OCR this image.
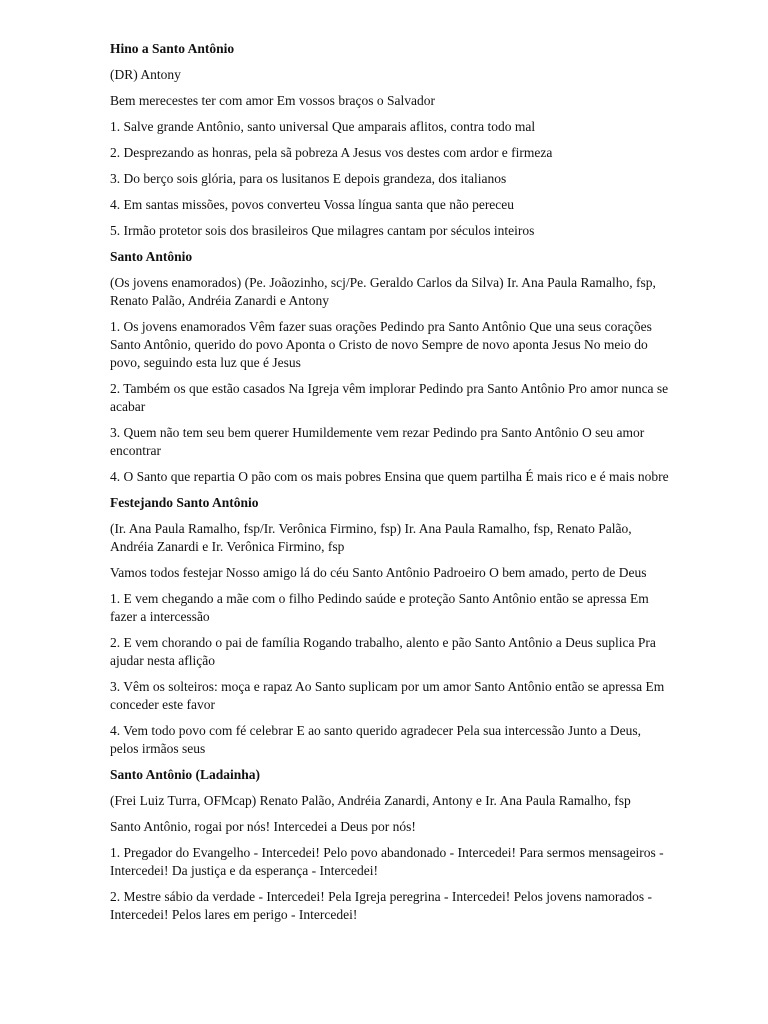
Hino a Santo Antônio

(DR) Antony

Bem merecestes ter com amor Em vossos braços o Salvador

1. Salve grande Antônio, santo universal Que amparais aflitos, contra todo mal

2. Desprezando as honras, pela sã pobreza A Jesus vos destes com ardor e firmeza

3. Do berço sois glória, para os lusitanos E depois grandeza, dos italianos

4. Em santas missões, povos converteu Vossa língua santa que não pereceu

5. Irmão protetor sois dos brasileiros Que milagres cantam por séculos inteiros

Santo Antônio

(Os jovens enamorados) (Pe. Joãozinho, scj/Pe. Geraldo Carlos da Silva) Ir. Ana Paula Ramalho, fsp, Renato Palão, Andréia Zanardi e Antony

1. Os jovens enamorados Vêm fazer suas orações Pedindo pra Santo Antônio Que una seus corações Santo Antônio, querido do povo Aponta o Cristo de novo Sempre de novo aponta Jesus No meio do povo, seguindo esta luz que é Jesus

2. Também os que estão casados Na Igreja vêm implorar Pedindo pra Santo Antônio Pro amor nunca se acabar

3. Quem não tem seu bem querer Humildemente vem rezar Pedindo pra Santo Antônio O seu amor encontrar

4. O Santo que repartia O pão com os mais pobres Ensina que quem partilha É mais rico e é mais nobre

Festejando Santo Antônio

(Ir. Ana Paula Ramalho, fsp/Ir. Verônica Firmino, fsp) Ir. Ana Paula Ramalho, fsp, Renato Palão, Andréia Zanardi e Ir. Verônica Firmino, fsp

Vamos todos festejar Nosso amigo lá do céu Santo Antônio Padroeiro O bem amado, perto de Deus

1. E vem chegando a mãe com o filho Pedindo saúde e proteção Santo Antônio então se apressa Em fazer a intercessão

2. E vem chorando o pai de família Rogando trabalho, alento e pão Santo Antônio a Deus suplica Pra ajudar nesta aflição

3. Vêm os solteiros: moça e rapaz Ao Santo suplicam por um amor Santo Antônio então se apressa Em conceder este favor

4. Vem todo povo com fé celebrar E ao santo querido agradecer Pela sua intercessão Junto a Deus, pelos irmãos seus

Santo Antônio (Ladainha)

(Frei Luiz Turra, OFMcap) Renato Palão, Andréia Zanardi, Antony e Ir. Ana Paula Ramalho, fsp

Santo Antônio, rogai por nós! Intercedei a Deus por nós!

1. Pregador do Evangelho - Intercedei! Pelo povo abandonado - Intercedei! Para sermos mensageiros - Intercedei! Da justiça e da esperança - Intercedei!

2. Mestre sábio da verdade - Intercedei! Pela Igreja peregrina - Intercedei! Pelos jovens namorados - Intercedei! Pelos lares em perigo - Intercedei!
